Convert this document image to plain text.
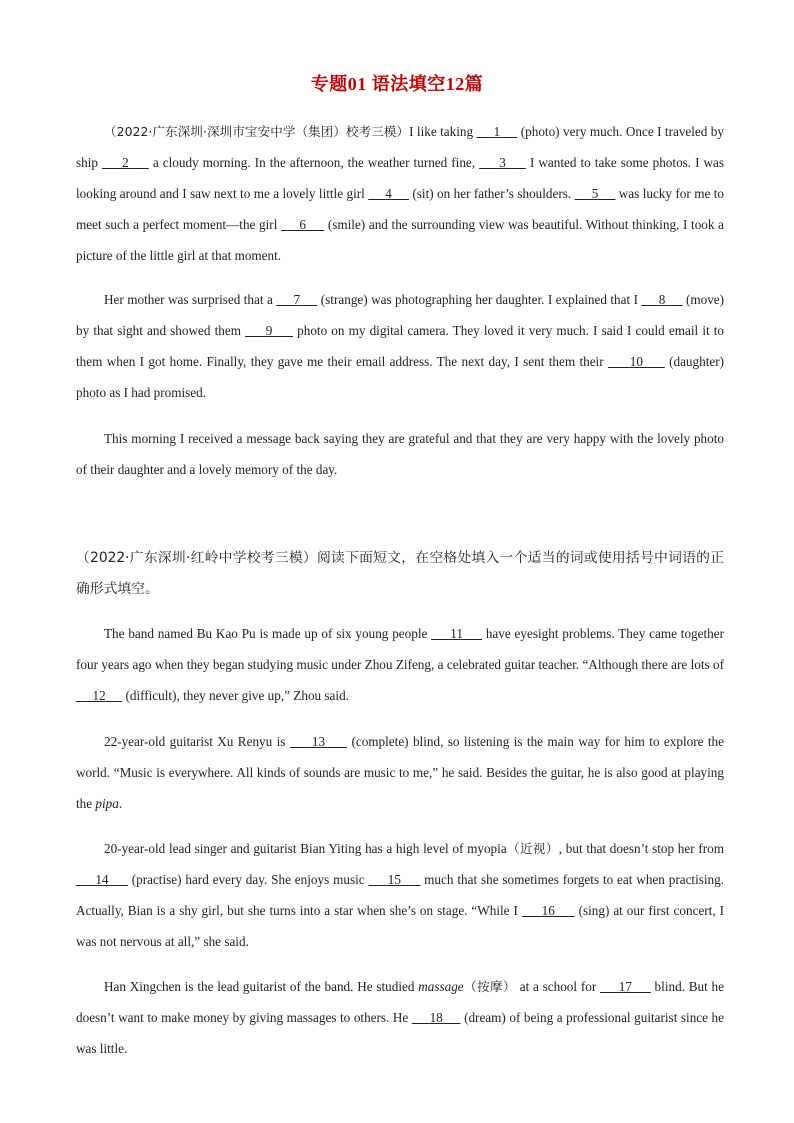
专题01 语法填空12篇
（2022·广东深圳·深圳市宝安中学（集团）校考三模）I like taking      1      (photo) very much. Once I traveled by ship      2      a cloudy morning. In the afternoon, the weather turned fine,      3      I wanted to take some photos. I was looking around and I saw next to me a lovely little girl      4      (sit) on her father’s shoulders.      5      was lucky for me to meet such a perfect moment—the girl      6      (smile) and the surrounding view was beautiful. Without thinking, I took a picture of the little girl at that moment.
Her mother was surprised that a      7      (strange) was photographing her daughter. I explained that I      8      (move) by that sight and showed them      9      photo on my digital camera. They loved it very much. I said I could email it to them when I got home. Finally, they gave me their email address. The next day, I sent them their      10      (daughter) photo as I had promised.
This morning I received a message back saying they are grateful and that they are very happy with the lovely photo of their daughter and a lovely memory of the day.
（2022·广东深圳·红岭中学校考三模）阅读下面短文，在空格处填入一个适当的词或使用括号中词语的正确形式填空。
The band named Bu Kao Pu is made up of six young people      11      have eyesight problems. They came together four years ago when they began studying music under Zhou Zifeng, a celebrated guitar teacher. “Although there are lots of      12      (difficult), they never give up,” Zhou said.
22-year-old guitarist Xu Renyu is      13      (complete) blind, so listening is the main way for him to explore the world. “Music is everywhere. All kinds of sounds are music to me,” he said. Besides the guitar, he is also good at playing the pipa.
20-year-old lead singer and guitarist Bian Yiting has a high level of myopia（近视）, but that doesn’t stop her from      14      (practise) hard every day. She enjoys music      15      much that she sometimes forgets to eat when practising. Actually, Bian is a shy girl, but she turns into a star when she’s on stage. “While I      16      (sing) at our first concert, I was not nervous at all,” she said.
Han Xingchen is the lead guitarist of the band. He studied massage（按摩） at a school for      17      blind. But he doesn’t want to make money by giving massages to others. He      18      (dream) of being a professional guitarist since he was little.
